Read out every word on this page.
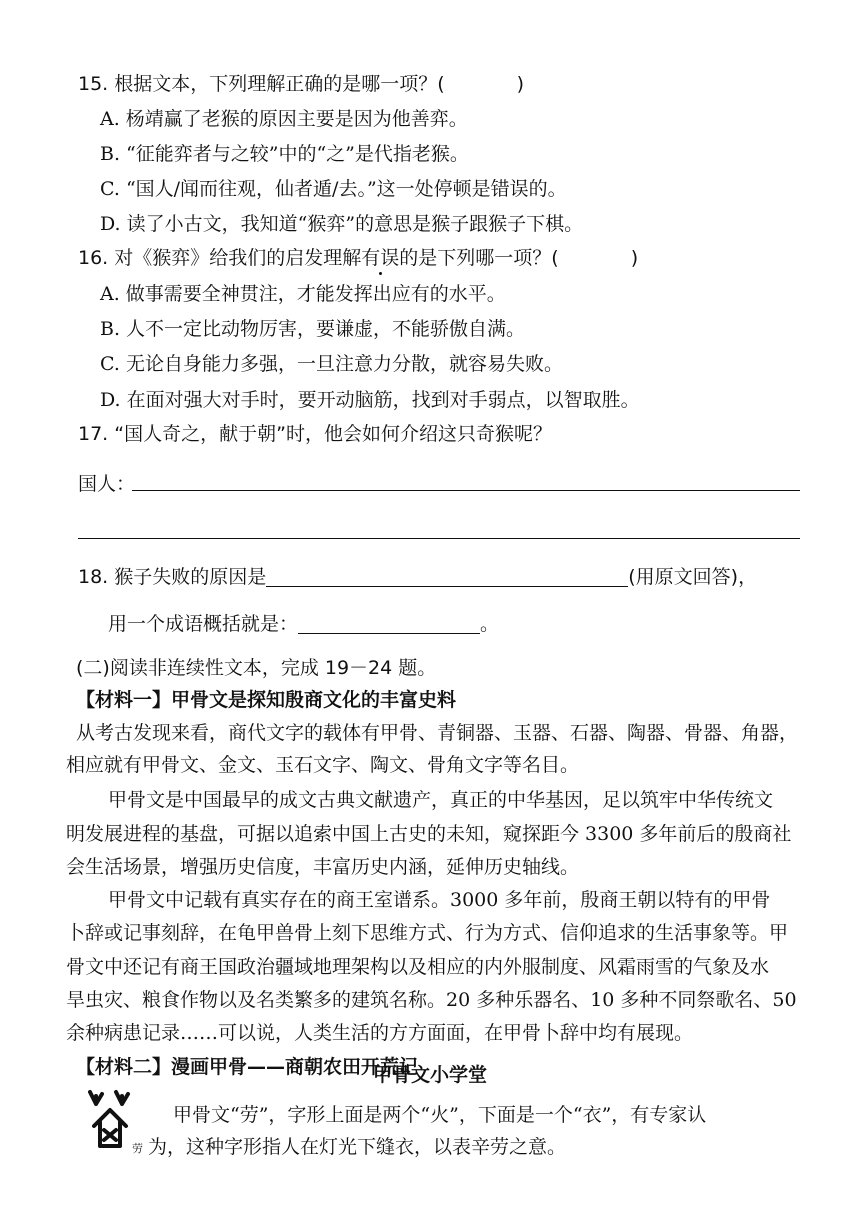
15. 根据文本，下列理解正确的是哪一项？(	)
A. 杨靖赢了老猴的原因主要是因为他善弈。
B. “征能弈者与之较”中的“之”是代指老猴。
C. “国人/闻而往观，仙者遁/去。”这一处停顿是错误的。
D. 读了小古文，我知道“猴弈”的意思是猴子跟猴子下棋。
16. 对《猴弈》给我们的启发理解有误的是下列哪一项？(	)
A. 做事需要全神贯注，才能发挥出应有的水平。
B. 人不一定比动物厉害，要谦虚，不能骄傲自满。
C. 无论自身能力多强，一旦注意力分散，就容易失败。
D. 在面对强大对手时，要开动脑筋，找到对手弱点，以智取胜。
17. “国人奇之，献于朝”时，他会如何介绍这只奇猴呢？
国人：
18. 猴子失败的原因是	(用原文回答)，
用一个成语概括就是：	。
(二)阅读非连续性文本，完成 19－24 题。
【材料一】甲骨文是探知殷商文化的丰富史料
从考古发现来看，商代文字的载体有甲骨、青铜器、玉器、石器、陶器、骨器、角器，
相应就有甲骨文、金文、玉石文字、陶文、骨角文字等名目。
甲骨文是中国最早的成文古典文献遗产，真正的中华基因，足以筑牢中华传统文
明发展进程的基盘，可据以追索中国上古史的未知，窥探距今 3300 多年前后的殷商社
会生活场景，增强历史信度，丰富历史内涵，延伸历史轴线。
甲骨文中记载有真实存在的商王室谱系。3000 多年前，殷商王朝以特有的甲骨
卜辞或记事刻辞，在龟甲兽骨上刻下思维方式、行为方式、信仰追求的生活事象等。甲
骨文中还记有商王国政治疆域地理架构以及相应的内外服制度、风霜雨雪的气象及水
旱虫灾、粮食作物以及名类繁多的建筑名称。20 多种乐器名、10 多种不同祭歌名、50
余种病患记录……可以说，人类生活的方方面面，在甲骨卜辞中均有展现。
【材料二】漫画甲骨——商朝农田开荒记
甲骨文小学堂
劳
甲骨文“劳”，字形上面是两个“火”，下面是一个“衣”，有专家认
为，这种字形指人在灯光下缝衣，以表辛劳之意。
